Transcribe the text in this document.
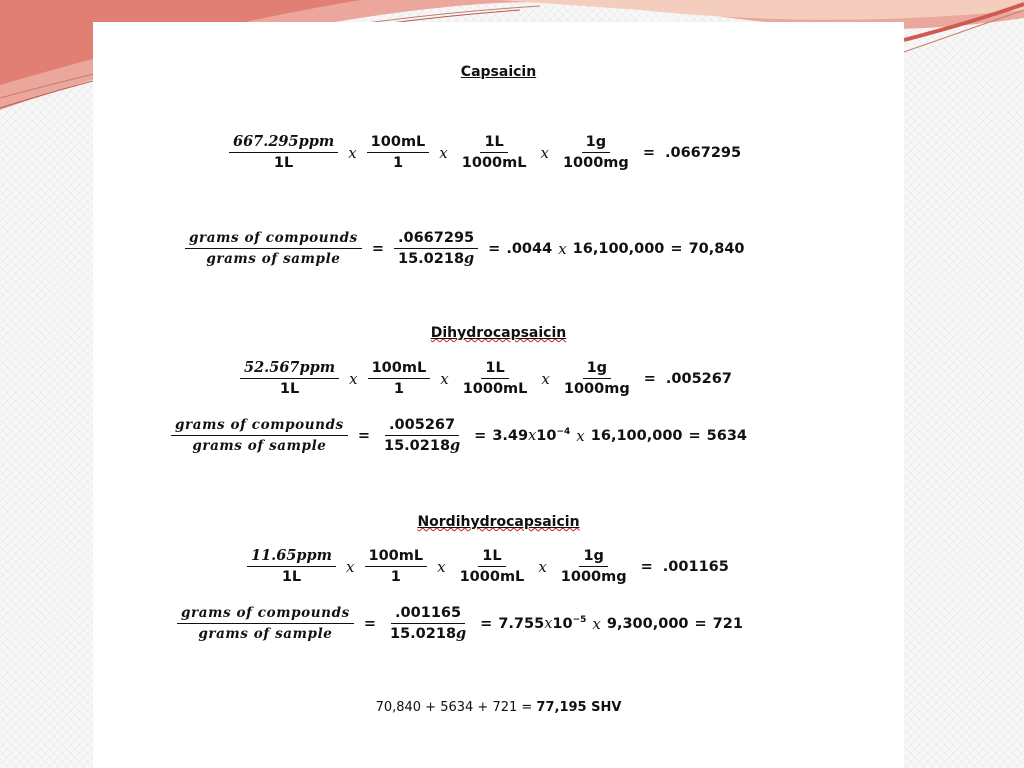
Capsaicin
$\frac{\text{667.295ppm}}{1L}$ x $\frac{100mL}{1}$ x $\frac{1L}{1000mL}$ x $\frac{1g}{1000mg} = .0667295$
$\frac{\text{grams of compounds}}{\text{grams of sample}} = \frac{.0667295}{15.0218g} = .0044$ x 16,100,000 = 70,840
Dihydrocapsaicin
$\frac{\text{52.567ppm}}{1L}$ x $\frac{100mL}{1}$ x $\frac{1L}{1000mL}$ x $\frac{1g}{1000mg} = .005267$
$\frac{\text{grams of compounds}}{\text{grams of sample}} = \frac{.005267}{15.0218g} = 3.49x10^{-4}$ x 16,100,000 = 5634
Nordihydrocapsaicin
$\frac{\text{11.65ppm}}{1L}$ x $\frac{100mL}{1}$ x $\frac{1L}{1000mL}$ x $\frac{1g}{1000mg} = .001165$
$\frac{\text{grams of compounds}}{\text{grams of sample}} = \frac{.001165}{15.0218g} = 7.755x10^{-5}$ x 9,300,000 = 721
70,840 + 5634 + 721 = 77,195 SHV
